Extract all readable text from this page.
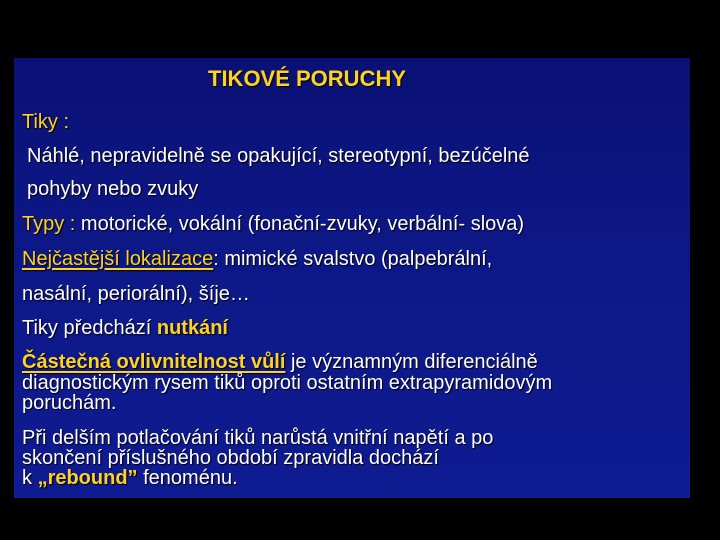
TIKOVÉ PORUCHY
Tiky :
Náhlé, nepravidelně se opakující, stereotypní, bezúčelné
pohyby nebo zvuky
Typy : motorické, vokální (fonační-zvuky, verbální- slova)
Nejčastější lokalizace: mimické svalstvo (palpebrální,
nasální, periorální), šíje…
Tiky předchází nutkání
Částečná ovlivnitelnost vůlí je významným diferenciálně
diagnostickým rysem tiků oproti ostatním extrapyramidovým
poruchám.
Při delším potlačování tiků narůstá vnitřní napětí a po
skončení příslušného období zpravidla dochází
k „rebound” fenoménu.
